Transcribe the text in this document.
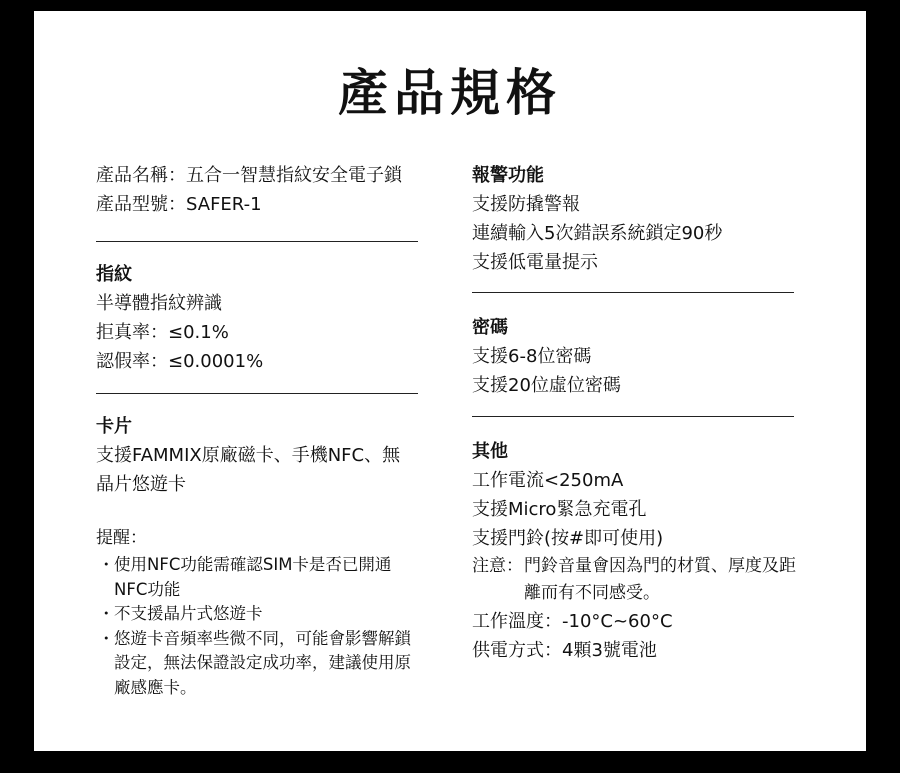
產品規格
產品名稱：五合一智慧指紋安全電子鎖
產品型號：SAFER-1
指紋
半導體指紋辨識
拒真率：≤0.1%
認假率：≤0.0001%
卡片
支援FAMMIX原廠磁卡、手機NFC、無
晶片悠遊卡
提醒：
・ 使用NFC功能需確認SIM卡是否已開通
NFC功能
・ 不支援晶片式悠遊卡
・ 悠遊卡音頻率些微不同，可能會影響解鎖
設定，無法保證設定成功率，建議使用原
廠感應卡。
報警功能
支援防撬警報
連續輸入5次錯誤系統鎖定90秒
支援低電量提示
密碼
支援6-8位密碼
支援20位虛位密碼
其他
工作電流<250mA
支援Micro緊急充電孔
支援門鈴(按#即可使用)
注意： 門鈴音量會因為門的材質、厚度及距
離而有不同感受。
工作溫度：-10°C~60°C
供電方式：4顆3號電池
